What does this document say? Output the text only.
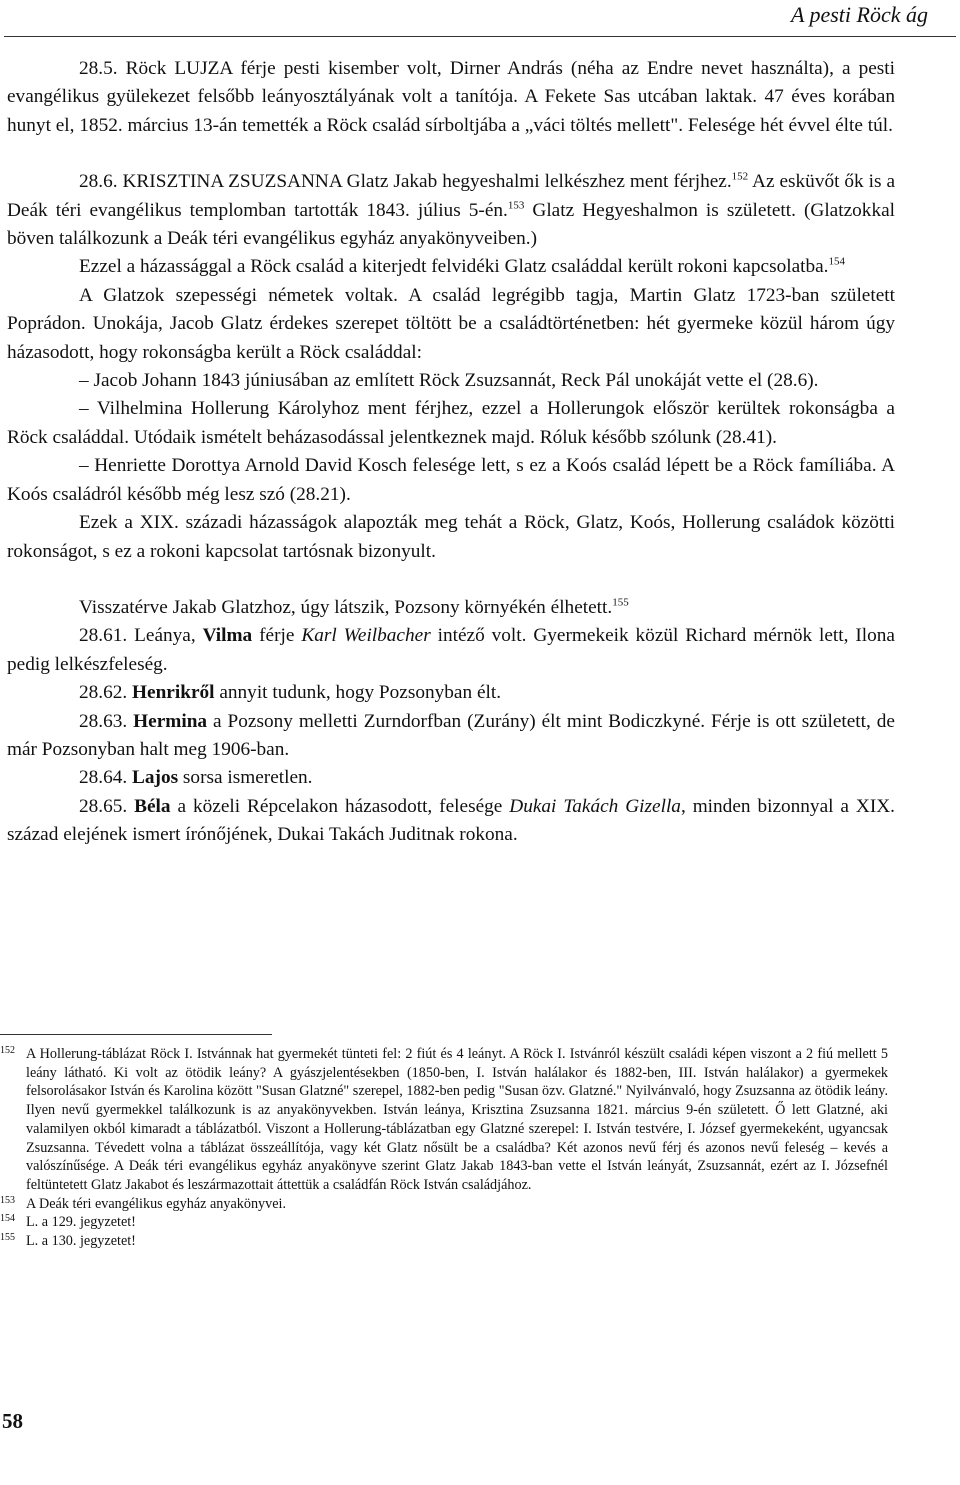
A pesti Röck ág

28.5. Röck LUJZA férje pesti kisember volt, Dirner András (néha az Endre nevet használta), a pesti evangélikus gyülekezet felsőbb leányosztályának volt a tanítója. A Fekete Sas utcában laktak. 47 éves korában hunyt el, 1852. március 13-án temették a Röck család sírboltjába a „váci töltés mellett". Felesége hét évvel élte túl.

28.6. KRISZTINA ZSUZSANNA Glatz Jakab hegyeshalmi lelkészhez ment férjhez.$^{152}$ Az esküvőt ők is a Deák téri evangélikus templomban tartották 1843. július 5-én.$^{153}$ Glatz Hegyeshalmon is született. (Glatzokkal böven találkozunk a Deák téri evangélikus egyház anyakönyveiben.)

Ezzel a házassággal a Röck család a kiterjedt felvidéki Glatz családdal került rokoni kapcsolatba.$^{154}$

A Glatzok szepességi németek voltak. A család legrégibb tagja, Martin Glatz 1723-ban született Poprádon. Unokája, Jacob Glatz érdekes szerepet töltött be a családtörténetben: hét gyermeke közül három úgy házasodott, hogy rokonságba került a Röck családdal:

– Jacob Johann 1843 júniusában az említett Röck Zsuzsannát, Reck Pál unokáját vette el (28.6).

– Vilhelmina Hollerung Károlyhoz ment férjhez, ezzel a Hollerungok először kerültek rokonságba a Röck családdal. Utódaik ismételt beházasodással jelentkeznek majd. Róluk később szólunk (28.41).

– Henriette Dorottya Arnold David Kosch felesége lett, s ez a Koós család lépett be a Röck famíliába. A Koós családról később még lesz szó (28.21).

Ezek a XIX. századi házasságok alapozták meg tehát a Röck, Glatz, Koós, Hollerung családok közötti rokonságot, s ez a rokoni kapcsolat tartósnak bizonyult.

Visszatérve Jakab Glatzhoz, úgy látszik, Pozsony környékén élhetett.$^{155}$

28.61. Leánya, Vilma férje Karl Weilbacher intéző volt. Gyermekeik közül Richard mérnök lett, Ilona pedig lelkészfeleség.

28.62. Henrikről annyit tudunk, hogy Pozsonyban élt.

28.63. Hermina a Pozsony melletti Zurndorfban (Zurány) élt mint Bodiczkyné. Férje is ott született, de már Pozsonyban halt meg 1906-ban.

28.64. Lajos sorsa ismeretlen.

28.65. Béla a közeli Répcelakon házasodott, felesége Dukai Takách Gizella, minden bizonnyal a XIX. század elejének ismert írónőjének, Dukai Takách Juditnak rokona.

152 A Hollerung-táblázat Röck I. Istvánnak hat gyermekét tünteti fel: 2 fiút és 4 leányt. A Röck I. Istvánról készült családi képen viszont a 2 fiú mellett 5 leány látható. Ki volt az ötödik leány? A gyászjelentésekben (1850-ben, I. István halálakor és 1882-ben, III. István halálakor) a gyermekek felsorolásakor István és Karolina között "Susan Glatzné" szerepel, 1882-ben pedig "Susan özv. Glatzné." Nyilvánvaló, hogy Zsuzsanna az ötödik leány. Ilyen nevű gyermekkel találkozunk is az anyakönyvekben. István leánya, Krisztina Zsuzsanna 1821. március 9-én született. Ő lett Glatzné, aki valamilyen okból kimaradt a táblázatból. Viszont a Hollerung-táblázatban egy Glatzné szerepel: I. István testvére, I. József gyermekeként, ugyancsak Zsuzsanna. Tévedett volna a táblázat összeállítója, vagy két Glatz nősült be a családba? Két azonos nevű férj és azonos nevű feleség – kevés a valószínűsége. A Deák téri evangélikus egyház anyakönyve szerint Glatz Jakab 1843-ban vette el István leányát, Zsuzsannát, ezért az I. Józsefnél feltüntetett Glatz Jakabot és leszármazottait áttettük a családfán Röck István családjához.

153 A Deák téri evangélikus egyház anyakönyvei.

154 L. a 129. jegyzetet!

155 L. a 130. jegyzetet!

58
